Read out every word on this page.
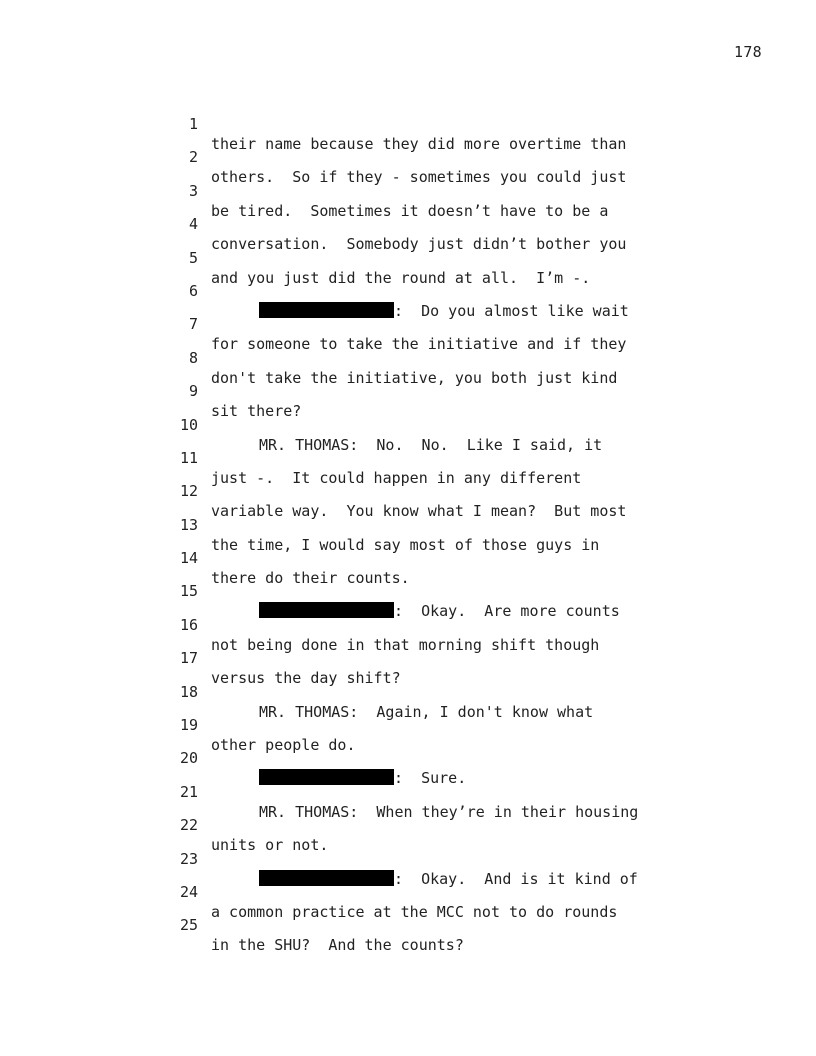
178

1

their name because they did more overtime than

2

others.  So if they - sometimes you could just

3

be tired.  Sometimes it doesn’t have to be a

4

conversation.  Somebody just didn’t bother you

5

and you just did the round at all.  I’m -.

6

:  Do you almost like wait

7

for someone to take the initiative and if they

8

don't take the initiative, you both just kind

9

sit there?

10

MR. THOMAS:  No.  No.  Like I said, it

11

just -.  It could happen in any different

12

variable way.  You know what I mean?  But most

13

the time, I would say most of those guys in

14

there do their counts.

15

:  Okay.  Are more counts

16

not being done in that morning shift though

17

versus the day shift?

18

MR. THOMAS:  Again, I don't know what

19

other people do.

20

:  Sure.

21

MR. THOMAS:  When they’re in their housing

22

units or not.

23

:  Okay.  And is it kind of

24

a common practice at the MCC not to do rounds

25

in the SHU?  And the counts?
